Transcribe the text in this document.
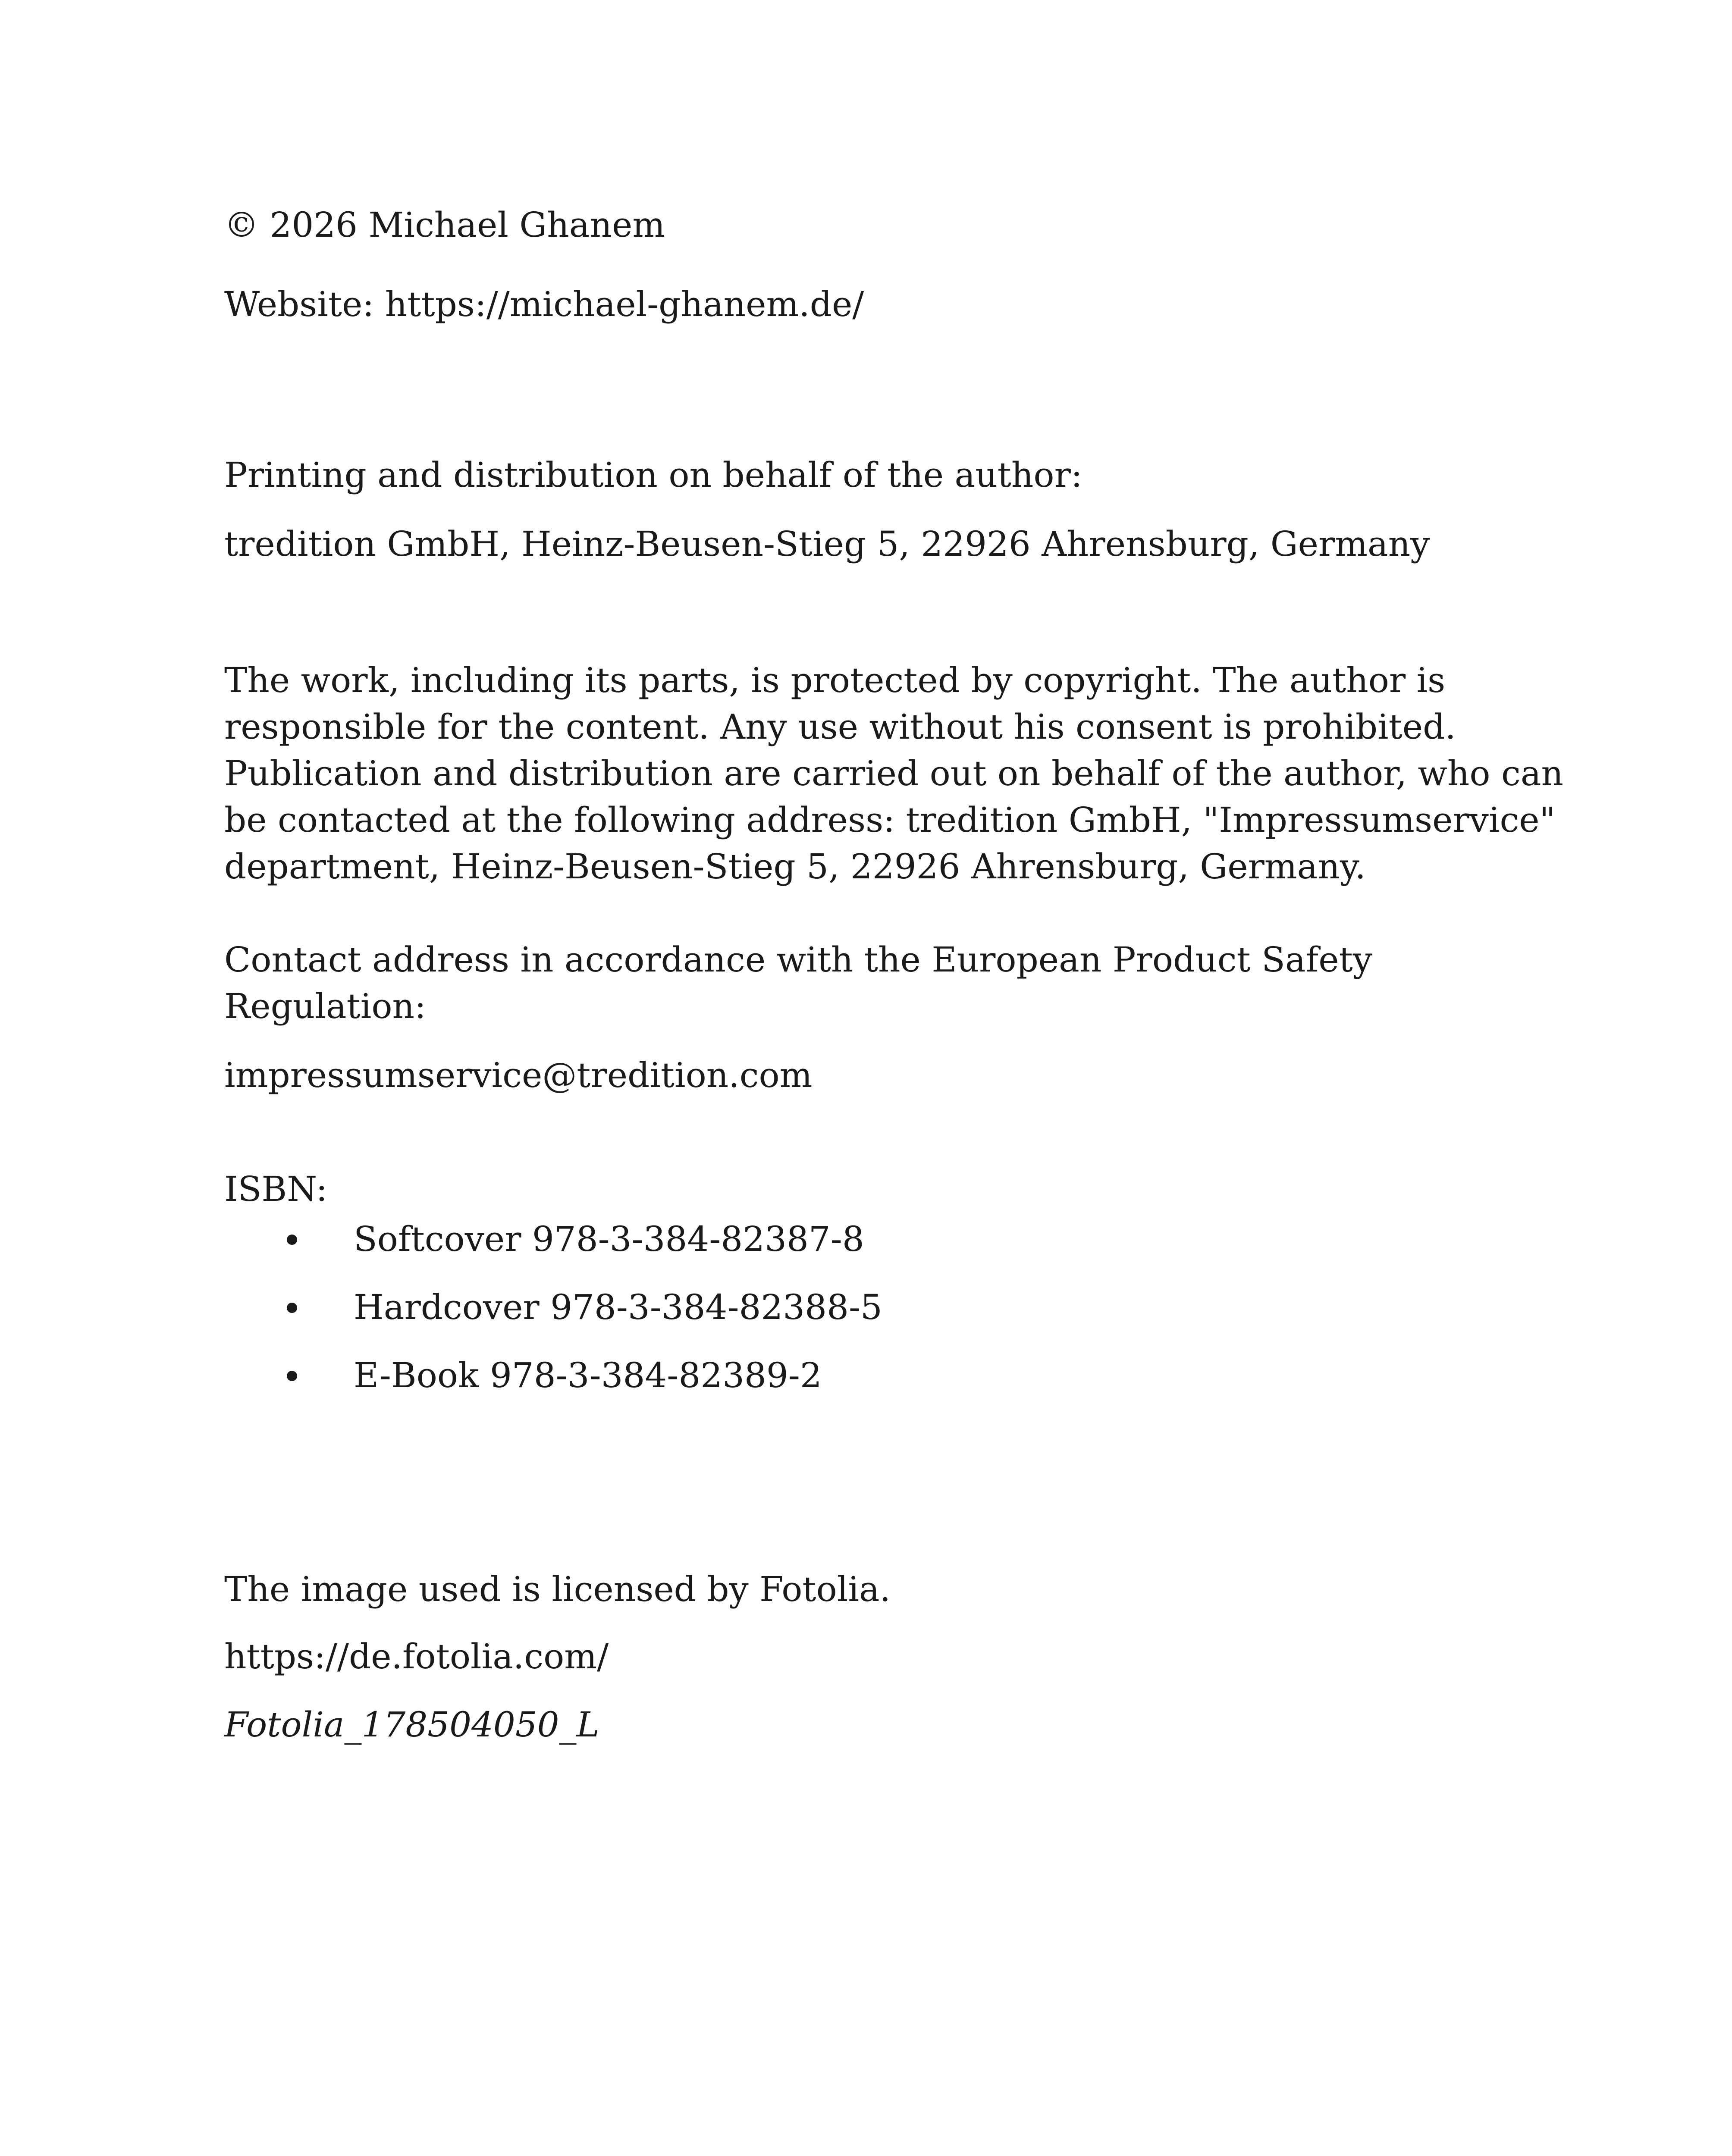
© 2026 Michael Ghanem

Website: https://michael-ghanem.de/

Printing and distribution on behalf of the author:

tredition GmbH, Heinz-Beusen-Stieg 5, 22926 Ahrensburg, Germany

The work, including its parts, is protected by copyright. The author is
responsible for the content. Any use without his consent is prohibited.
Publication and distribution are carried out on behalf of the author, who can
be contacted at the following address: tredition GmbH, "Impressumservice"
department, Heinz-Beusen-Stieg 5, 22926 Ahrensburg, Germany.
Contact address in accordance with the European Product Safety
Regulation:

impressumservice@tredition.com

ISBN:

Softcover 978-3-384-82387-8
Hardcover 978-3-384-82388-5
E-Book 978-3-384-82389-2

The image used is licensed by Fotolia.

https://de.fotolia.com/

Fotolia_178504050_L
